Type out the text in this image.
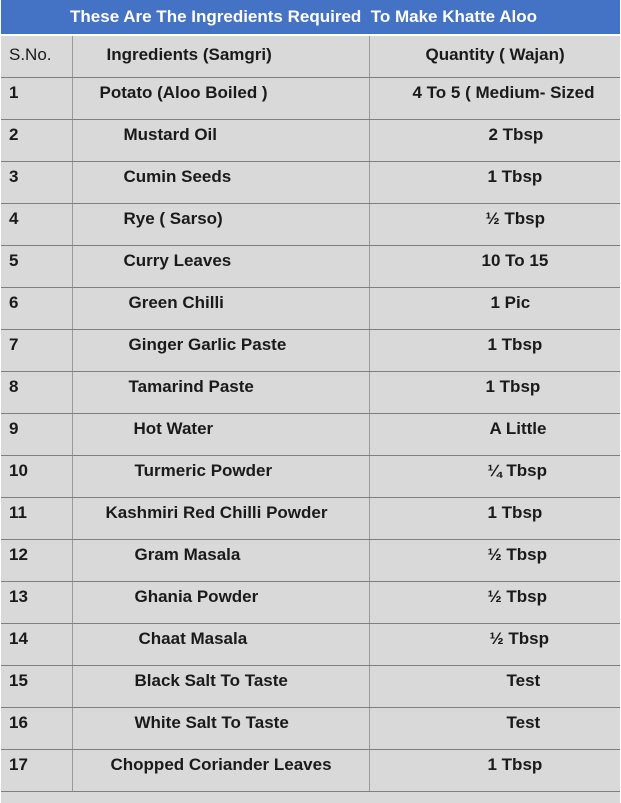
These Are The Ingredients Required  To Make Khatte Aloo
S.No.	Ingredients (Samgri)	Quantity ( Wajan)
1	Potato (Aloo Boiled )	4 To 5 ( Medium- Sized
2	Mustard Oil	2 Tbsp
3	Cumin Seeds	1 Tbsp
4	Rye ( Sarso)	½ Tbsp
5	Curry Leaves	10 To 15
6	Green Chilli	1 Pic
7	Ginger Garlic Paste	1 Tbsp
8	Tamarind Paste	1 Tbsp
9	Hot Water	A Little
10	Turmeric Powder	¼ Tbsp
11	Kashmiri Red Chilli Powder	1 Tbsp
12	Gram Masala	½ Tbsp
13	Ghania Powder	½ Tbsp
14	Chaat Masala	½ Tbsp
15	Black Salt To Taste	Test
16	White Salt To Taste	Test
17	Chopped Coriander Leaves	1 Tbsp
